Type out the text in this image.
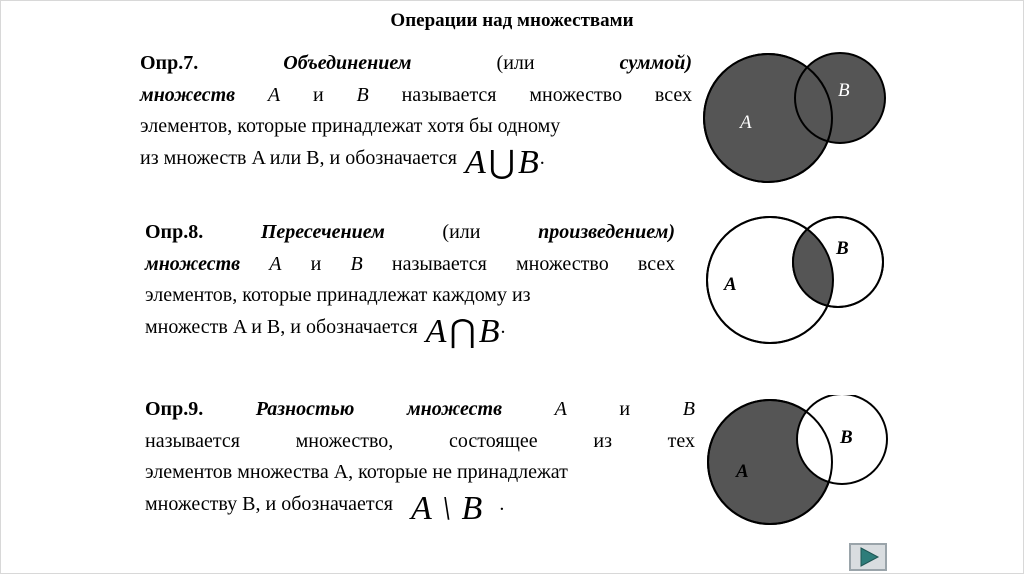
Операции над множествами
Опр.7.	Объединением	(или	суммой)
множеств A и B называется множество всех
элементов, которые принадлежат хотя бы одному
из множеств A или B, и обозначается A⋃B .
Опр.8.	Пересечением	(или	произведением)
множеств A и B называется множество всех
элементов, которые принадлежат каждому из
множеств A и B, и обозначается A⋂B .
Опр.9.	Разностью	множеств	A	и	B
называется	множество,	состоящее	из	тех
элементов множества A, которые не принадлежат
множеству B, и обозначается A \ B .
A
B
A
B
A
B
